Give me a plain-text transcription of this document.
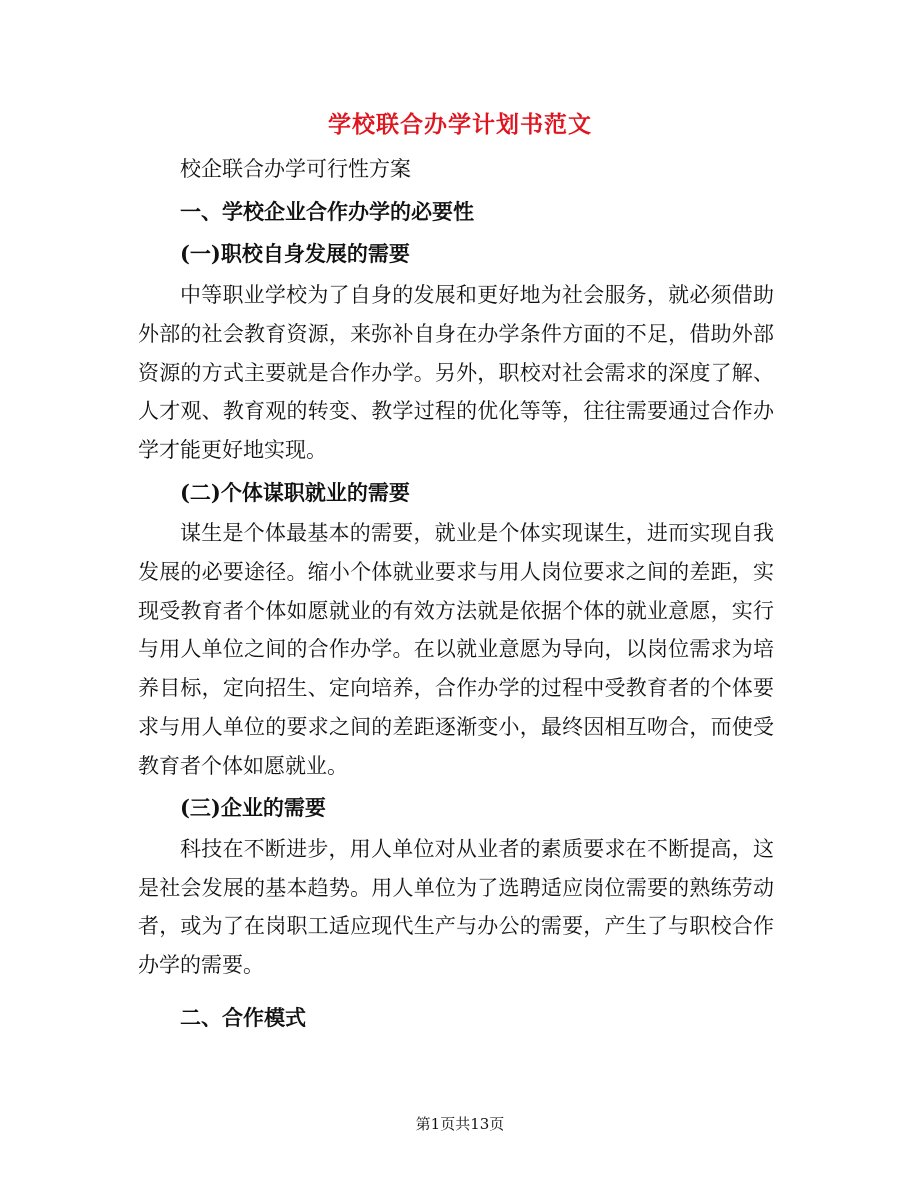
学校联合办学计划书范文

校企联合办学可行性方案

一、学校企业合作办学的必要性

(一)职校自身发展的需要

中等职业学校为了自身的发展和更好地为社会服务，就必须借助外部的社会教育资源，来弥补自身在办学条件方面的不足，借助外部资源的方式主要就是合作办学。另外，职校对社会需求的深度了解、人才观、教育观的转变、教学过程的优化等等，往往需要通过合作办学才能更好地实现。

(二)个体谋职就业的需要

谋生是个体最基本的需要，就业是个体实现谋生，进而实现自我发展的必要途径。缩小个体就业要求与用人岗位要求之间的差距，实现受教育者个体如愿就业的有效方法就是依据个体的就业意愿，实行与用人单位之间的合作办学。在以就业意愿为导向，以岗位需求为培养目标，定向招生、定向培养，合作办学的过程中受教育者的个体要求与用人单位的要求之间的差距逐渐变小，最终因相互吻合，而使受教育者个体如愿就业。

(三)企业的需要

科技在不断进步，用人单位对从业者的素质要求在不断提高，这是社会发展的基本趋势。用人单位为了选聘适应岗位需要的熟练劳动者，或为了在岗职工适应现代生产与办公的需要，产生了与职校合作办学的需要。

二、合作模式

第1页共13页
